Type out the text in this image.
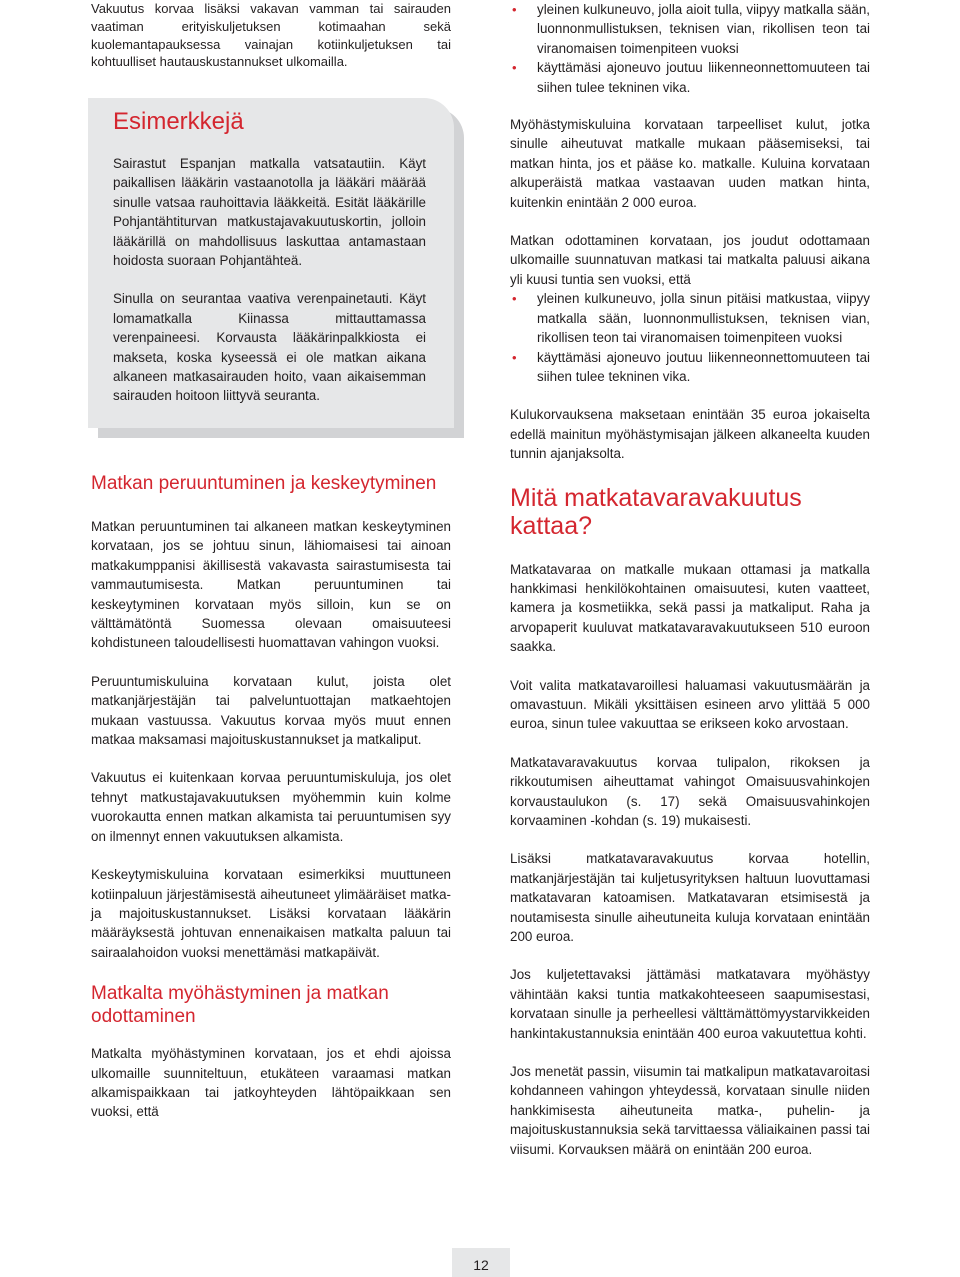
Vakuutus korvaa lisäksi vakavan vamman tai sairauden vaatiman erityiskuljetuksen kotimaahan sekä kuolemantapauksessa vainajan kotiinkuljetuksen tai kohtuulliset hautauskustannukset ulkomailla.

Esimerkkejä

Sairastut Espanjan matkalla vatsatautiin. Käyt paikallisen lääkärin vastaanotolla ja lääkäri määrää sinulle vatsaa rauhoittavia lääkkeitä. Esität lääkärille Pohjantähtiturvan matkustajavakuutuskortin, jolloin lääkärillä on mahdollisuus laskuttaa antamastaan hoidosta suoraan Pohjantähteä.

Sinulla on seurantaa vaativa verenpainetauti. Käyt lomamatkalla Kiinassa mittauttamassa verenpaineesi. Korvausta lääkärinpalkkiosta ei makseta, koska kyseessä ei ole matkan aikana alkaneen matkasairauden hoito, vaan aikaisemman sairauden hoitoon liittyvä seuranta.

Matkan peruuntuminen ja keskeytyminen

Matkan peruuntuminen tai alkaneen matkan keskeytyminen korvataan, jos se johtuu sinun, lähiomaisesi tai ainoan matkakumppanisi äkillisestä vakavasta sairastumisesta tai vammautumisesta. Matkan peruuntuminen tai keskeytyminen korvataan myös silloin, kun se on välttämätöntä Suomessa olevaan omaisuuteesi kohdistuneen taloudellisesti huomattavan vahingon vuoksi.

Peruuntumiskuluina korvataan kulut, joista olet matkanjärjestäjän tai palveluntuottajan matkaehtojen mukaan vastuussa. Vakuutus korvaa myös muut ennen matkaa maksamasi majoituskustannukset ja matkaliput.

Vakuutus ei kuitenkaan korvaa peruuntumiskuluja, jos olet tehnyt matkustajavakuutuksen myöhemmin kuin kolme vuorokautta ennen matkan alkamista tai peruuntumisen syy on ilmennyt ennen vakuutuksen alkamista.

Keskeytymiskuluina korvataan esimerkiksi muuttuneen kotiinpaluun järjestämisestä aiheutuneet ylimääräiset matka- ja majoituskustannukset. Lisäksi korvataan lääkärin määräyksestä johtuvan ennenaikaisen matkalta paluun tai sairaalahoidon vuoksi menettämäsi matkapäivät.

Matkalta myöhästyminen ja matkan odottaminen

Matkalta myöhästyminen korvataan, jos et ehdi ajoissa ulkomaille suunniteltuun, etukäteen varaamasi matkan alkamispaikkaan tai jatkoyhteyden lähtöpaikkaan sen vuoksi, että

• yleinen kulkuneuvo, jolla aioit tulla, viipyy matkalla sään, luonnonmullistuksen, teknisen vian, rikollisen teon tai viranomaisen toimenpiteen vuoksi
• käyttämäsi ajoneuvo joutuu liikenneonnettomuuteen tai siihen tulee tekninen vika.

Myöhästymiskuluina korvataan tarpeelliset kulut, jotka sinulle aiheutuvat matkalle mukaan pääsemiseksi, tai matkan hinta, jos et pääse ko. matkalle. Kuluina korvataan alkuperäistä matkaa vastaavan uuden matkan hinta, kuitenkin enintään 2 000 euroa.

Matkan odottaminen korvataan, jos joudut odottamaan ulkomaille suunnatuvan matkasi tai matkalta paluusi aikana yli kuusi tuntia sen vuoksi, että

• yleinen kulkuneuvo, jolla sinun pitäisi matkustaa, viipyy matkalla sään, luonnonmullistuksen, teknisen vian, rikollisen teon tai viranomaisen toimenpiteen vuoksi
• käyttämäsi ajoneuvo joutuu liikenneonnettomuuteen tai siihen tulee tekninen vika.

Kulukorvauksena maksetaan enintään 35 euroa jokaiselta edellä mainitun myöhästymisajan jälkeen alkaneelta kuuden tunnin ajanjaksolta.

Mitä matkatavaravakuutus kattaa?

Matkatavaraa on matkalle mukaan ottamasi ja matkalla hankkimasi henkilökohtainen omaisuutesi, kuten vaatteet, kamera ja kosmetiikka, sekä passi ja matkaliput. Raha ja arvopaperit kuuluvat matkatavaravakuutukseen 510 euroon saakka.

Voit valita matkatavaroillesi haluamasi vakuutusmäärän ja omavastuun. Mikäli yksittäisen esineen arvo ylittää 5 000 euroa, sinun tulee vakuuttaa se erikseen koko arvostaan.

Matkatavaravakuutus korvaa tulipalon, rikoksen ja rikkoutumisen aiheuttamat vahingot Omaisuusvahinkojen korvaustaulukon (s. 17) sekä Omaisuusvahinkojen korvaaminen -kohdan (s. 19) mukaisesti.

Lisäksi matkatavaravakuutus korvaa hotellin, matkanjärjestäjän tai kuljetusyrityksen haltuun luovuttamasi matkatavaran katoamisen. Matkatavaran etsimisestä ja noutamisesta sinulle aiheutuneita kuluja korvataan enintään 200 euroa.

Jos kuljetettavaksi jättämäsi matkatavara myöhästyy vähintään kaksi tuntia matkakohteeseen saapumisestasi, korvataan sinulle ja perheellesi välttämättömyystarvikkeiden hankintakustannuksia enintään 400 euroa vakuutettua kohti.

Jos menetät passin, viisumin tai matkalipun matkatavaroitasi kohdanneen vahingon yhteydessä, korvataan sinulle niiden hankkimisesta aiheutuneita matka-, puhelin- ja majoituskustannuksia sekä tarvittaessa väliaikainen passi tai viisumi. Korvauksen määrä on enintään 200 euroa.

12
